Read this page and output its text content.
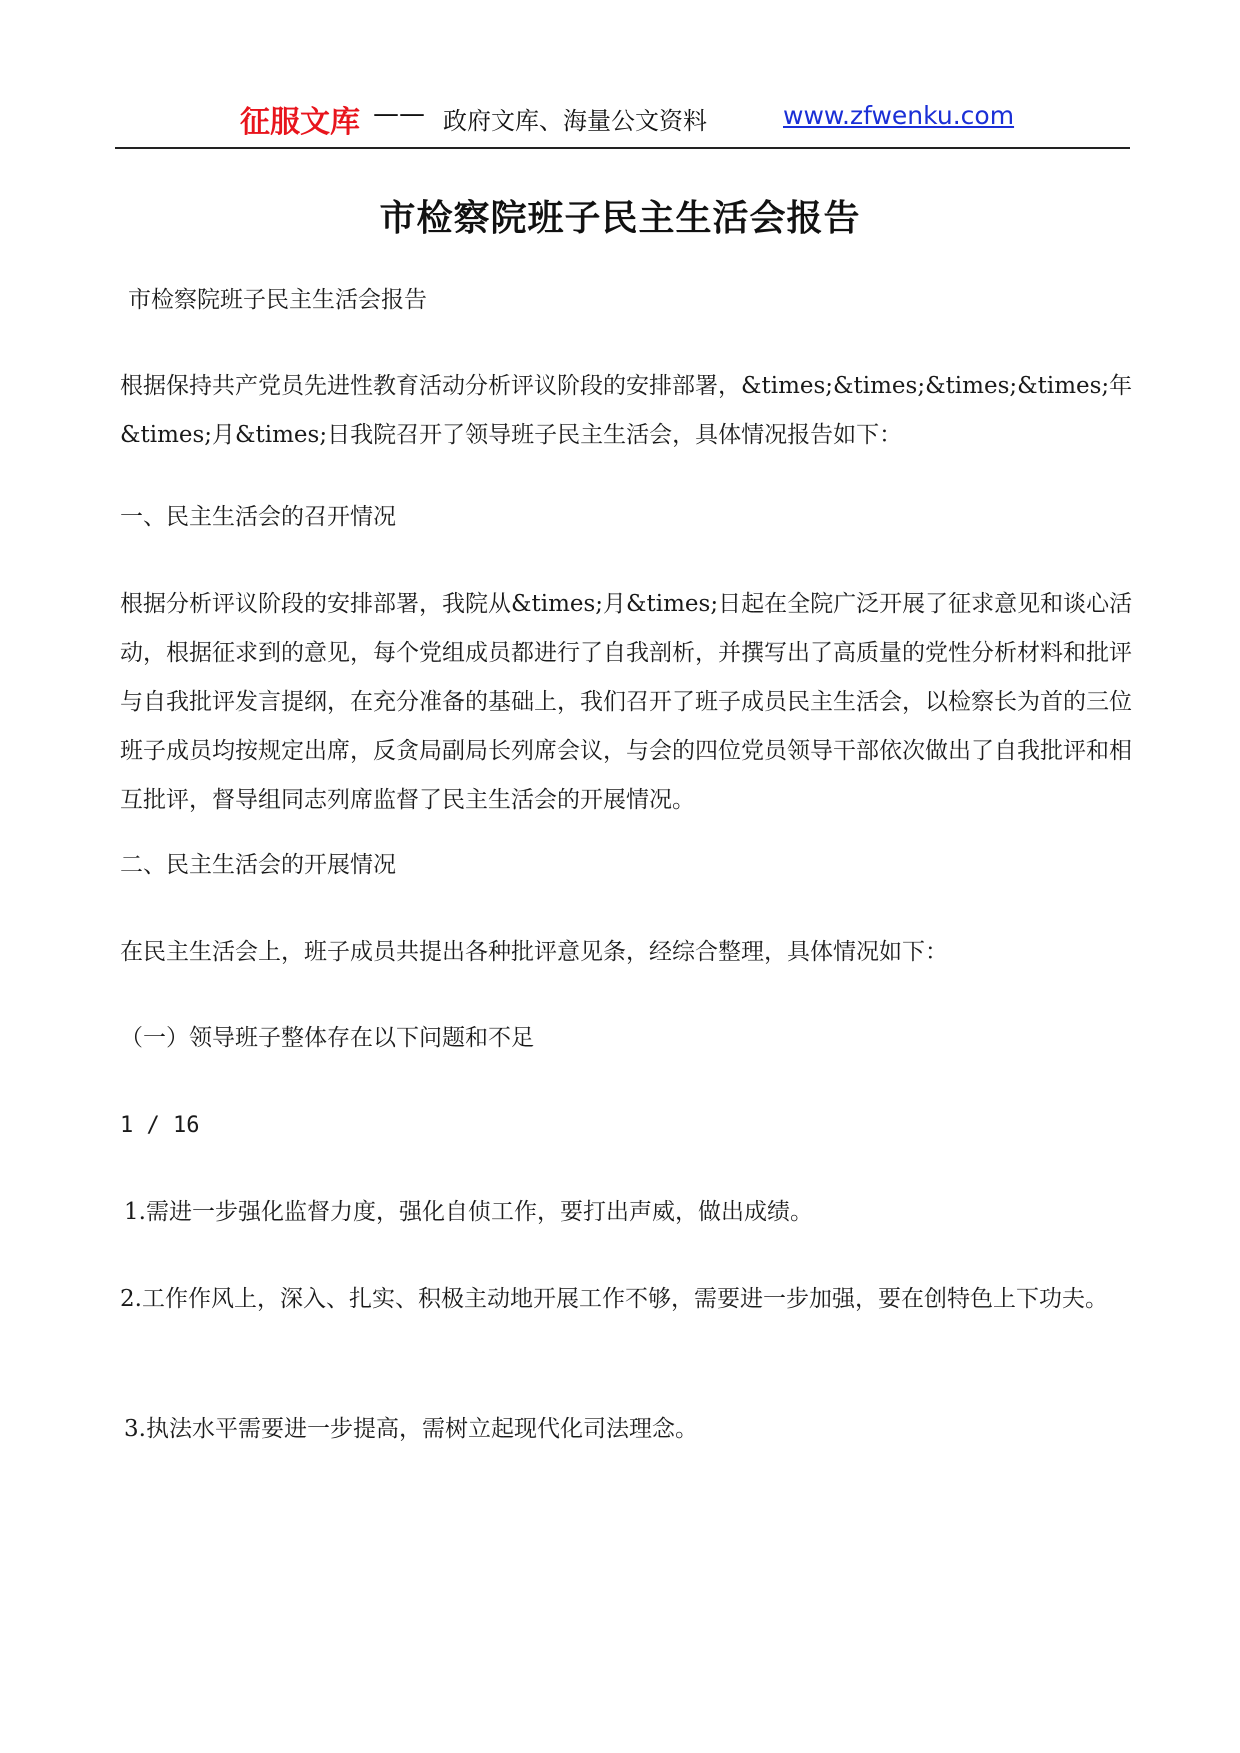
征服文库 —— 政府文库、海量公文资料	www.zfwenku.com
市检察院班子民主生活会报告
市检察院班子民主生活会报告
根据保持共产党员先进性教育活动分析评议阶段的安排部署，&times;&times;&times;&times;年&times;月&times;日我院召开了领导班子民主生活会，具体情况报告如下：
一、民主生活会的召开情况
根据分析评议阶段的安排部署，我院从&times;月&times;日起在全院广泛开展了征求意见和谈心活动，根据征求到的意见，每个党组成员都进行了自我剖析，并撰写出了高质量的党性分析材料和批评与自我批评发言提纲，在充分准备的基础上，我们召开了班子成员民主生活会，以检察长为首的三位班子成员均按规定出席，反贪局副局长列席会议，与会的四位党员领导干部依次做出了自我批评和相互批评，督导组同志列席监督了民主生活会的开展情况。
二、民主生活会的开展情况
在民主生活会上，班子成员共提出各种批评意见条，经综合整理，具体情况如下：
（一）领导班子整体存在以下问题和不足
1 / 16
1.需进一步强化监督力度，强化自侦工作，要打出声威，做出成绩。
2.工作作风上，深入、扎实、积极主动地开展工作不够，需要进一步加强，要在创特色上下功夫。
3.执法水平需要进一步提高，需树立起现代化司法理念。
